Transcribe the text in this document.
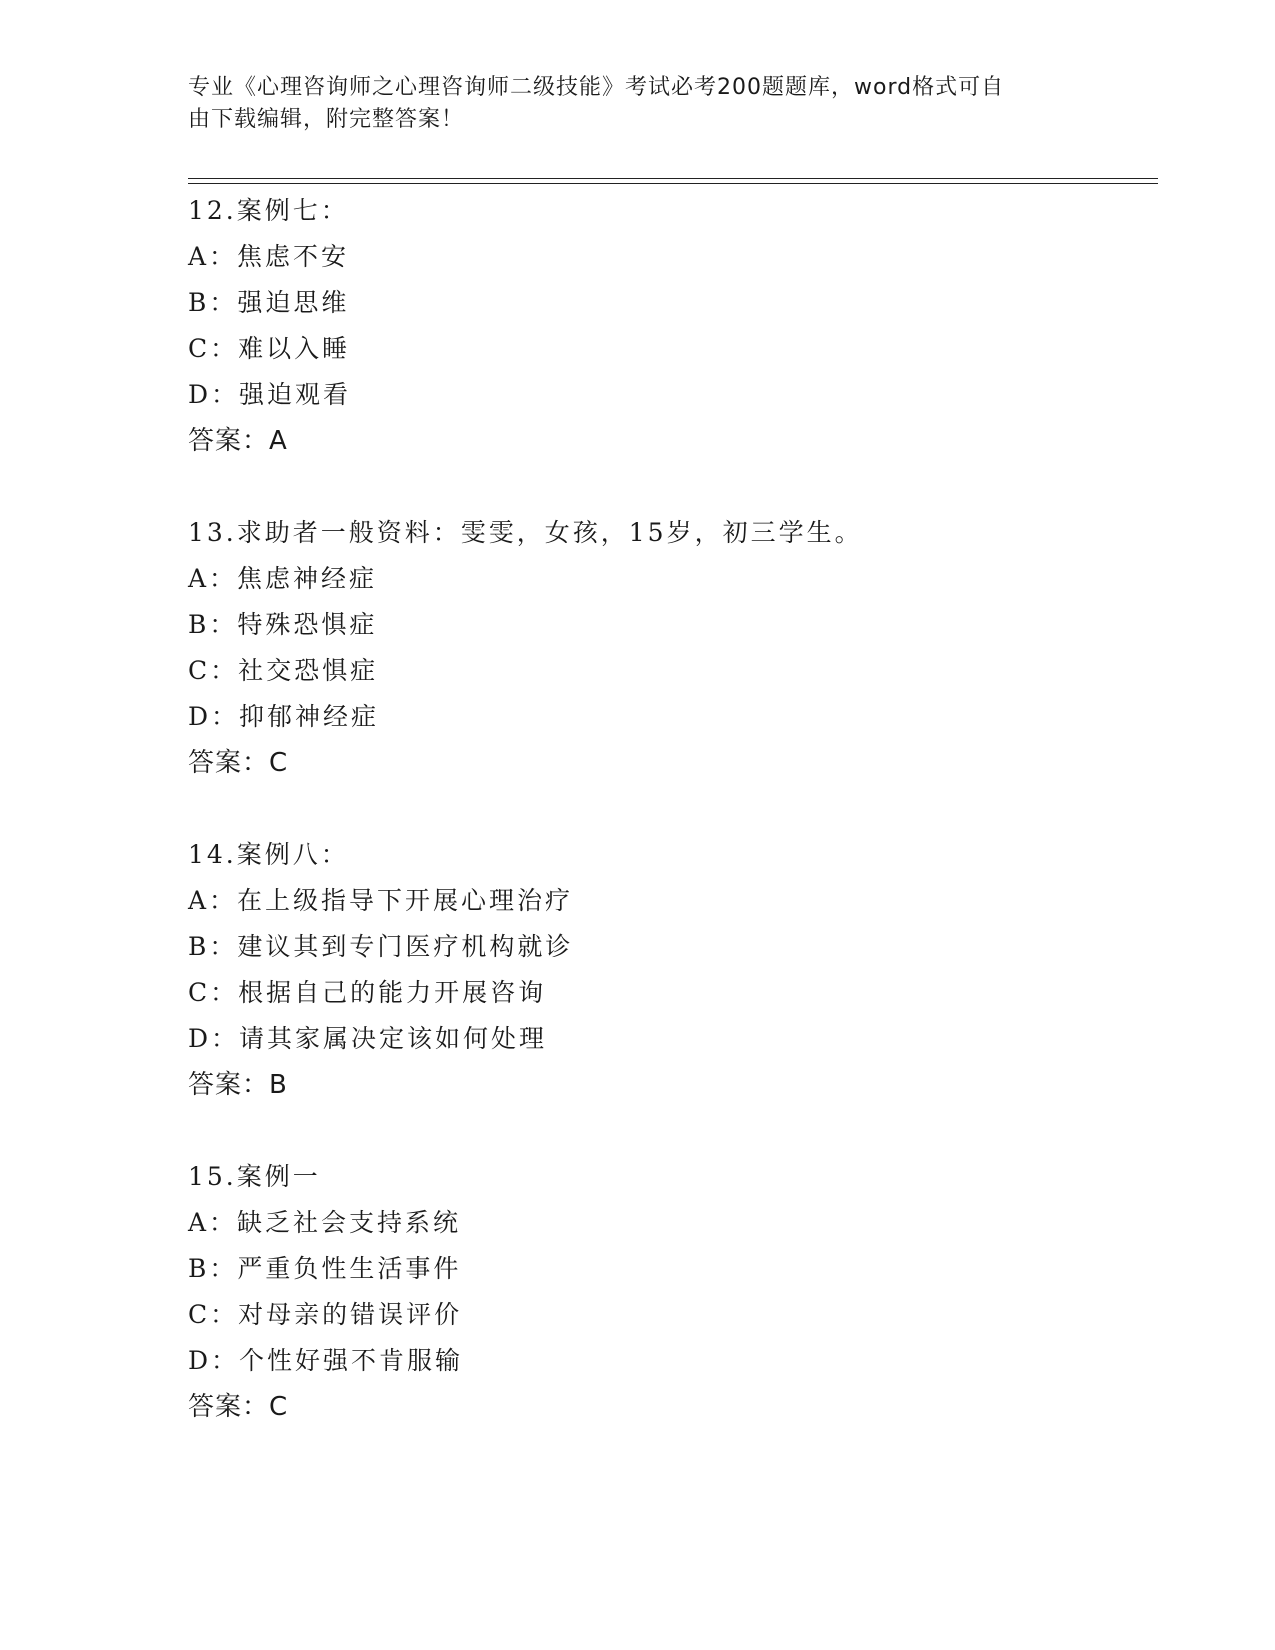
专业《心理咨询师之心理咨询师二级技能》考试必考200题题库，word格式可自
由下载编辑，附完整答案！
12.案例七：
A：焦虑不安
B：强迫思维
C：难以入睡
D：强迫观看
答案：A
13.求助者一般资料：雯雯，女孩，15岁，初三学生。
A：焦虑神经症
B：特殊恐惧症
C：社交恐惧症
D：抑郁神经症
答案：C
14.案例八：
A：在上级指导下开展心理治疗
B：建议其到专门医疗机构就诊
C：根据自己的能力开展咨询
D：请其家属决定该如何处理
答案：B
15.案例一
A：缺乏社会支持系统
B：严重负性生活事件
C：对母亲的错误评价
D：个性好强不肯服输
答案：C
